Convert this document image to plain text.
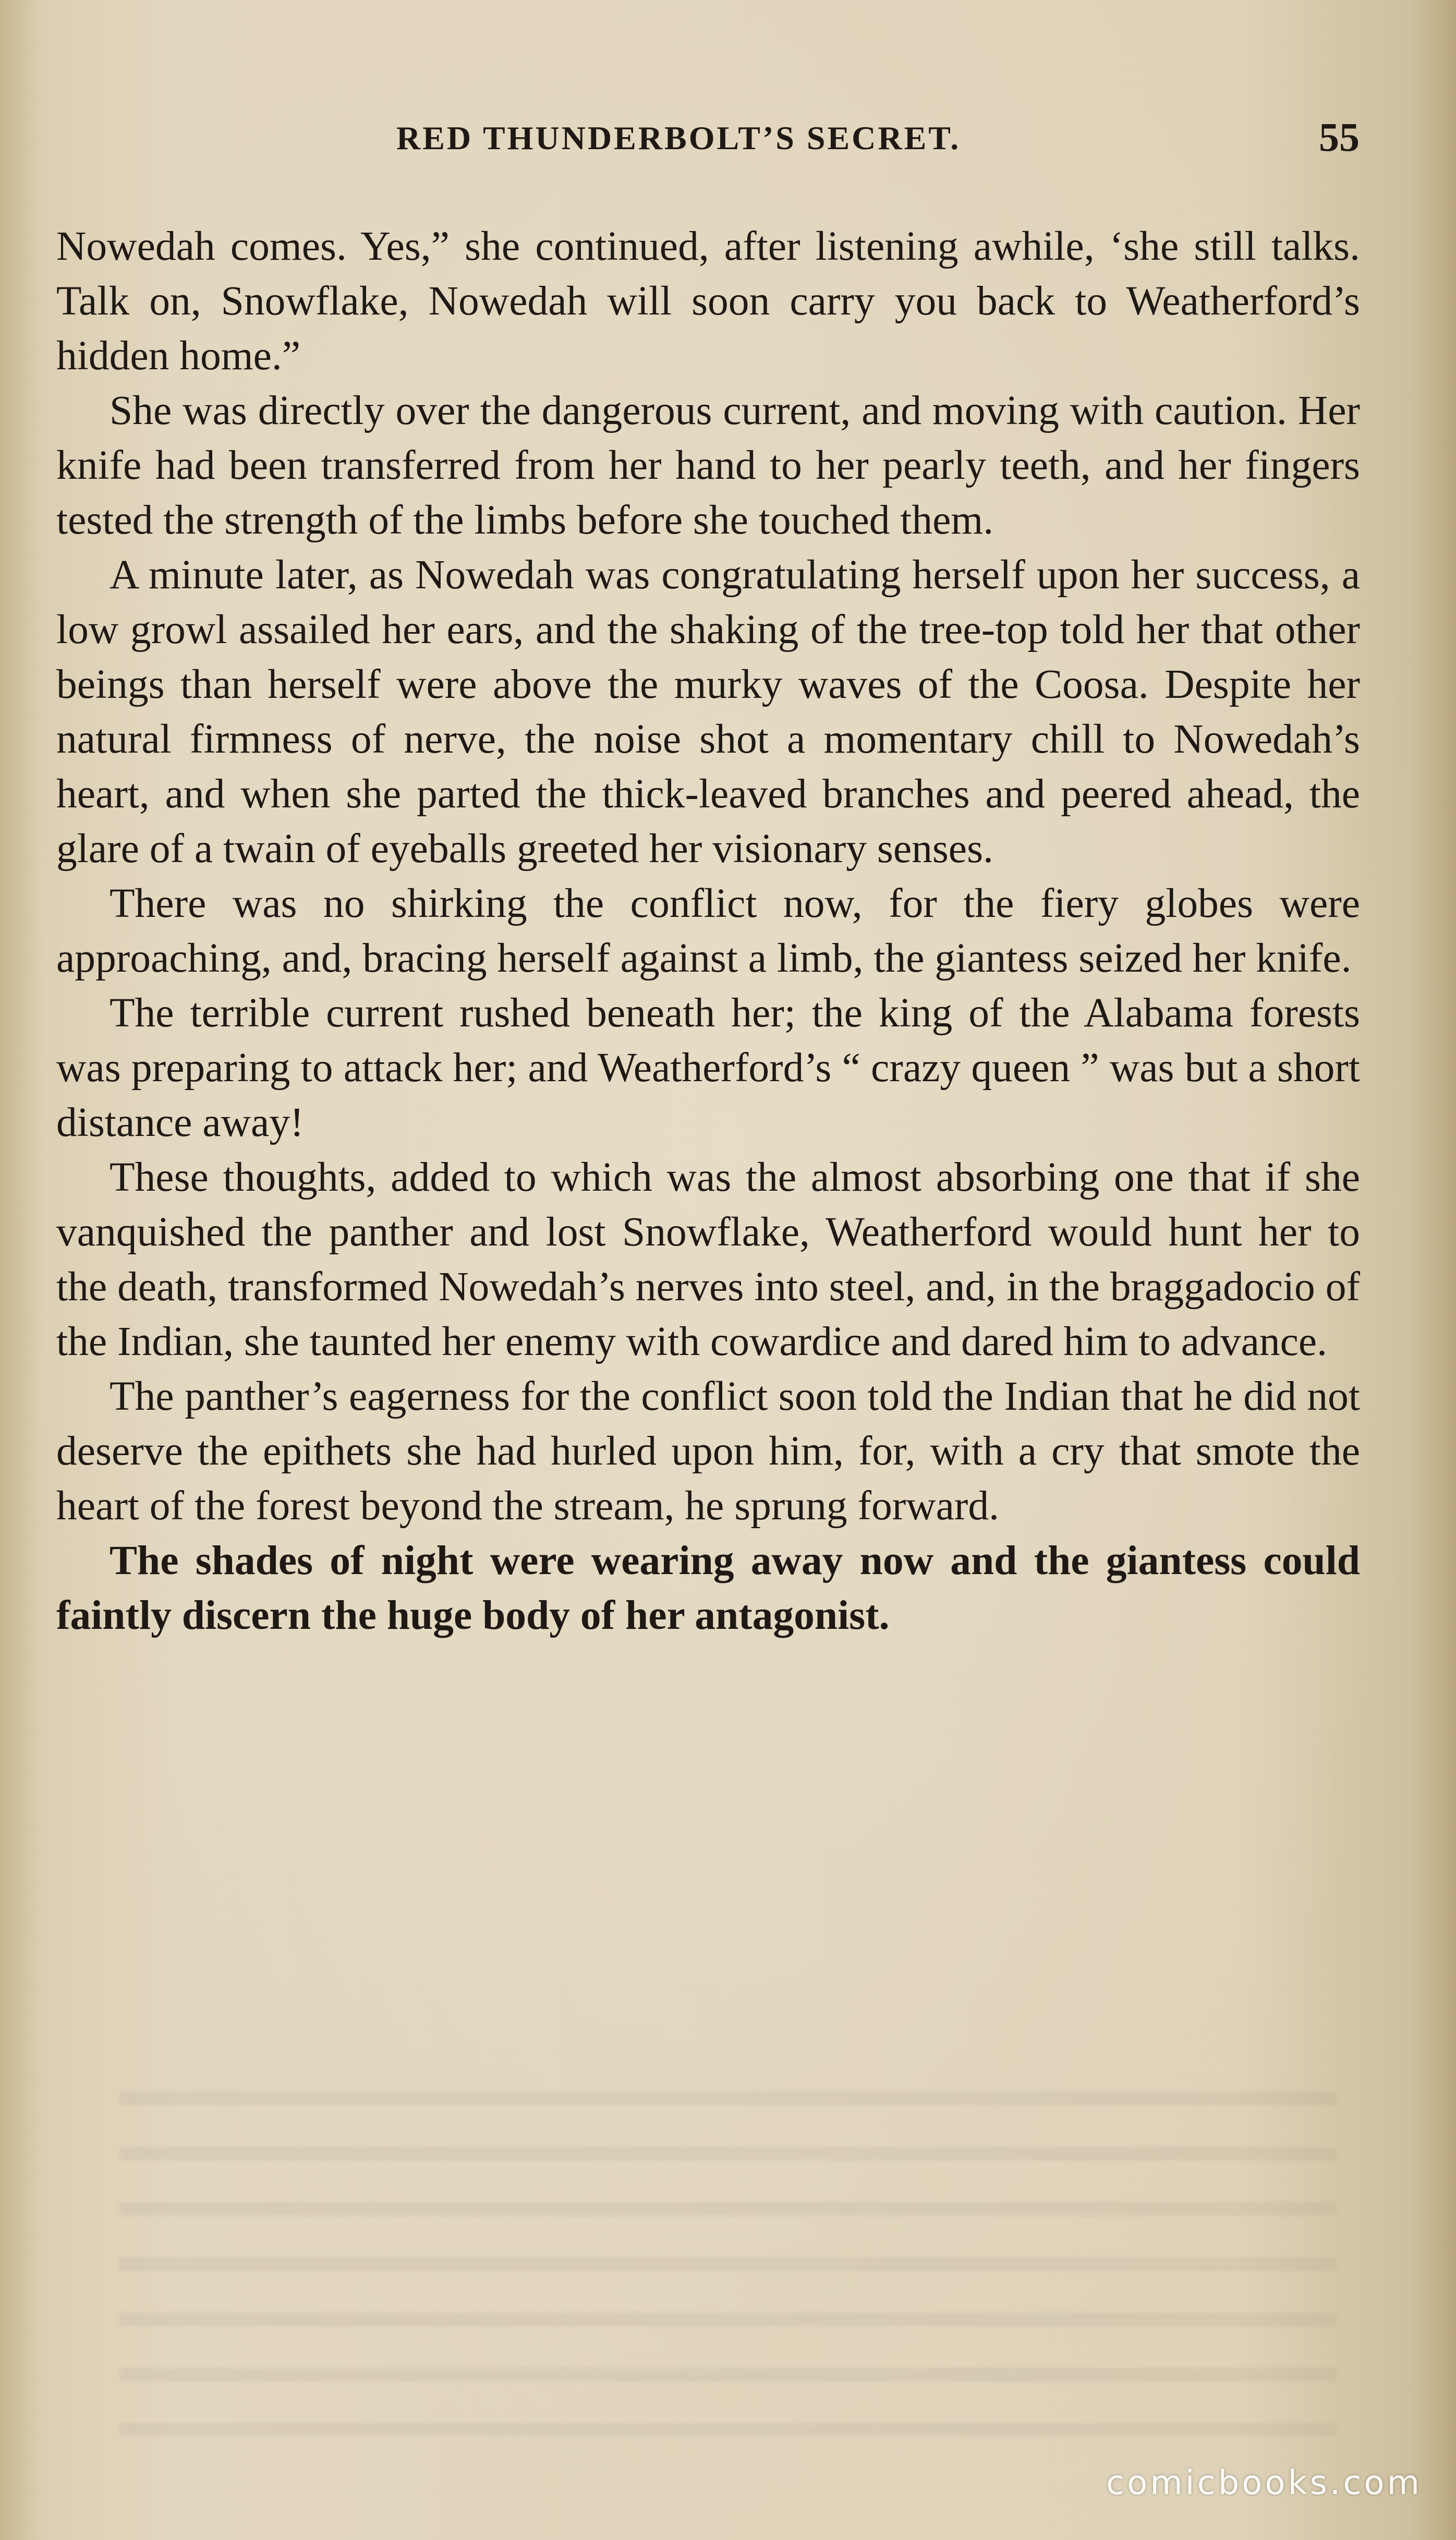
RED THUNDERBOLT’S SECRET.	55

Nowedah comes. Yes,” she continued, after listening awhile, ‘she still talks. Talk on, Snowflake, Nowedah will soon carry you back to Weatherford’s hidden home.”

She was directly over the dangerous current, and moving with caution. Her knife had been transferred from her hand to her pearly teeth, and her fingers tested the strength of the limbs before she touched them.

A minute later, as Nowedah was congratulating herself upon her success, a low growl assailed her ears, and the shaking of the tree-top told her that other beings than herself were above the murky waves of the Coosa. Despite her natural firmness of nerve, the noise shot a momentary chill to Nowedah’s heart, and when she parted the thick-leaved branches and peered ahead, the glare of a twain of eyeballs greeted her visionary senses.

There was no shirking the conflict now, for the fiery globes were approaching, and, bracing herself against a limb, the giantess seized her knife.

The terrible current rushed beneath her; the king of the Alabama forests was preparing to attack her; and Weatherford’s “ crazy queen ” was but a short distance away!

These thoughts, added to which was the almost absorbing one that if she vanquished the panther and lost Snowflake, Weatherford would hunt her to the death, transformed Nowedah’s nerves into steel, and, in the braggadocio of the Indian, she taunted her enemy with cowardice and dared him to advance.

The panther’s eagerness for the conflict soon told the Indian that he did not deserve the epithets she had hurled upon him, for, with a cry that smote the heart of the forest beyond the stream, he sprung forward.

The shades of night were wearing away now and the giantess could faintly discern the huge body of her antagonist.

comicbooks.com
